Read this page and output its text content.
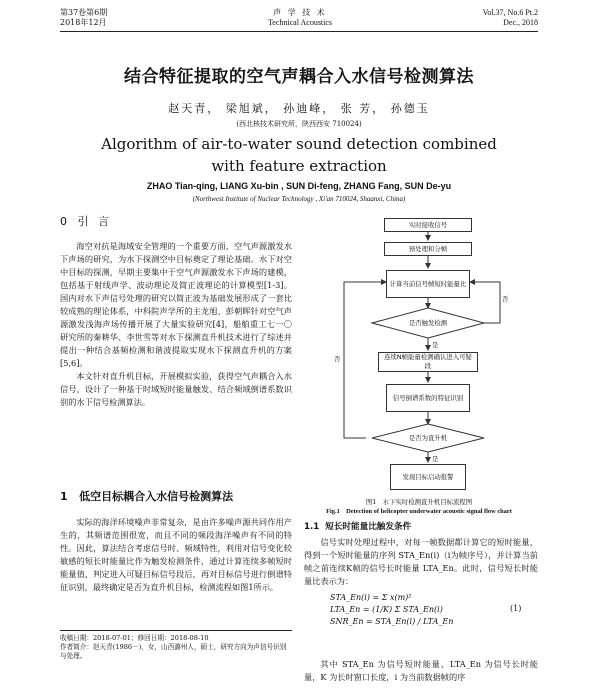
第37卷第6期
2018年12月
声 学 技 术
Technical Acoustics
Vol.37, No.6 Pt.2
Dec., 2018
结合特征提取的空气声耦合入水信号检测算法
赵天青， 梁旭斌， 孙迪峰， 张 芳， 孙德玉
(西北核技术研究所，陕西西安 710024)
Algorithm of air-to-water sound detection combined
with feature extraction
ZHAO Tian-qing, LIANG Xu-bin , SUN Di-feng, ZHANG Fang, SUN De-yu
(Northwest Institute of Nuclear Technology , Xi'an 710024, Shaanxi, China)
0 引 言

海空对抗是海域安全管理的一个重要方面，空气声源激发水下声场的研究，为水下探测空中目标奠定了理论基础。水下对空中目标的探测，早期主要集中于空气声源激发水下声场的建模，包括基于射线声学、波动理论及简正波理论的计算模型[1-3]。国内对水下声信号处理的研究以简正波为基础发展形成了一套比较成熟的理论体系，中科院声学所的主龙旭、彭朝晖针对空气声源激发浅海声场传播开展了大量实验研究[4]，船舶重工七一〇研究所的秦耕华、李世雪等对水下探测直升机技术进行了综述并提出一种结合基频检测和谐波提取实现水下探测直升机的方案[5,6]。

本文针对直升机目标，开展模拟实验，获得空气声耦合入水信号，设计了一种基于时域短时能量触发、结合频域倒谱系数识别的水下信号检测算法。

1 低空目标耦合入水信号检测算法

实际的海洋环境噪声非常复杂，是由许多噪声源共同作用产生的，其频谱范围很宽，而且不同的频段海洋噪声有不同的特性。因此，算法结合考虑信号时、频域特性，利用对信号变化较敏感的短长时能量比作为触发检测条件，通过计算连续多帧短时能量值，判定进入可疑目标信号段后，再对目标信号进行倒谱特征识别，最终确定是否为直升机目标，检测流程如图1所示。

收稿日期：2018-07-01；修回日期：2018-08-10
作者简介：赵天青(1986－)，女，山西潞州人，硕士，研究方向为声信号识别与处理。
实时接收信号
预处理和分帧
计算当前信号帧短时能量比
是否触发检测
是
否
连续N帧能量检测确认进入可疑段
信号倒谱系数的特征识别
是否为直升机
是
否
发现目标启动报警
图1　水下实时检测直升机目标流程图
Fig.1　Detection of helicopter underwater acoustic signal flow chart
1.1 短长时能量比触发条件

信号实时处理过程中，对每一帧数据都计算它的短时能量，得到一个短时能量的序列 STA_En(i)（i为帧序号），并计算当前帧之前连续K帧的信号长时能量 LTA_En。此时，信号短长时能量比表示为：

STA_En(i) = Σ x(m)²
LTA_En = (1/K) Σ STA_En(i)
SNR_En = STA_En(i) / LTA_En
(1)

其中 STA_En 为信号短时能量，LTA_En 为信号长时能量，K 为长时窗口长度，i 为当前数据帧的序
